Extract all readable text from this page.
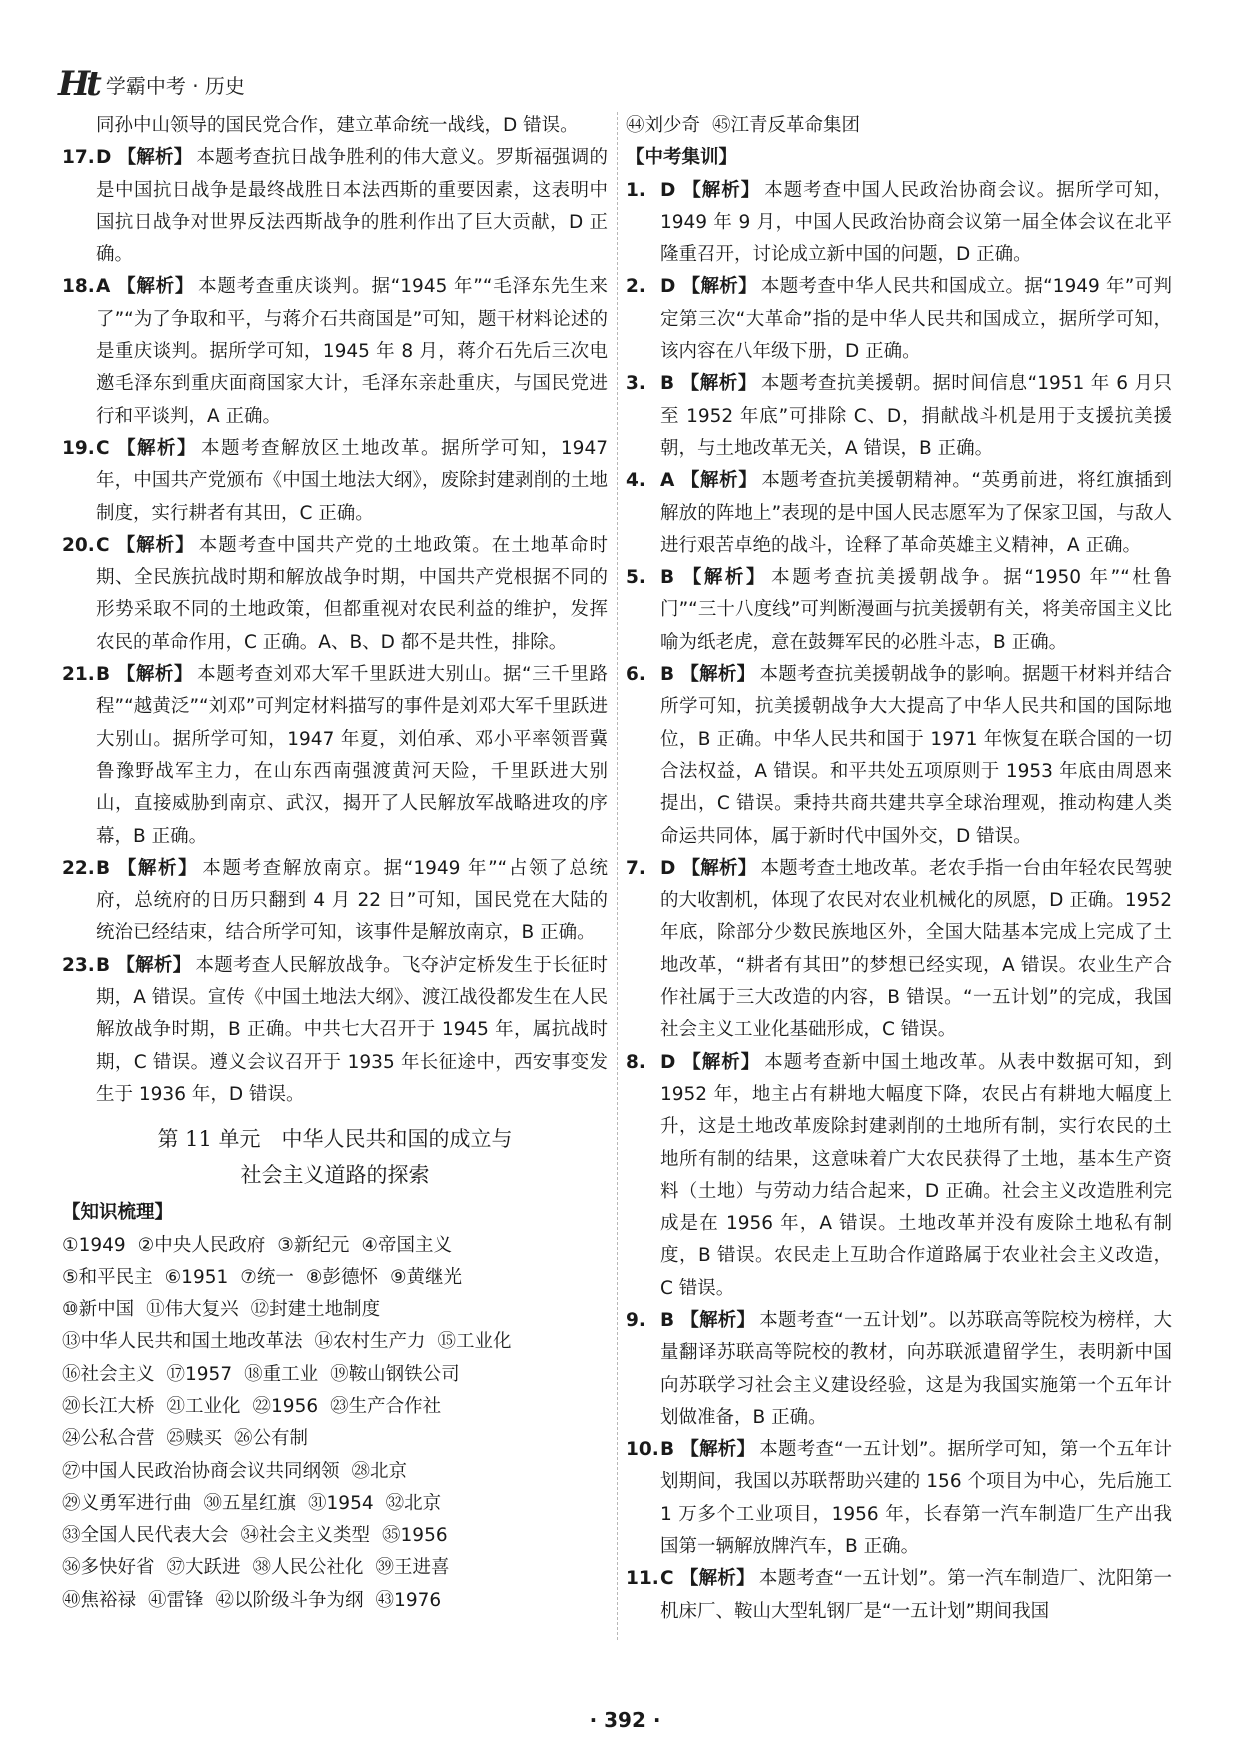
Ht 学霸中考 · 历史
同孙中山领导的国民党合作，建立革命统一战线，D 错误。
17. D 【解析】 本题考查抗日战争胜利的伟大意义。罗斯福强调的是中国抗日战争是最终战胜日本法西斯的重要因素，这表明中国抗日战争对世界反法西斯战争的胜利作出了巨大贡献，D 正确。
18. A 【解析】 本题考查重庆谈判。据“1945 年”“毛泽东先生来了”“为了争取和平，与蒋介石共商国是”可知，题干材料论述的是重庆谈判。据所学可知，1945 年 8 月，蒋介石先后三次电邀毛泽东到重庆面商国家大计，毛泽东亲赴重庆，与国民党进行和平谈判，A 正确。
19. C 【解析】 本题考查解放区土地改革。据所学可知，1947 年，中国共产党颁布《中国土地法大纲》，废除封建剥削的土地制度，实行耕者有其田，C 正确。
20. C 【解析】 本题考查中国共产党的土地政策。在土地革命时期、全民族抗战时期和解放战争时期，中国共产党根据不同的形势采取不同的土地政策，但都重视对农民利益的维护，发挥农民的革命作用，C 正确。A、B、D 都不是共性，排除。
21. B 【解析】 本题考查刘邓大军千里跃进大别山。据“三千里路程”“越黄泛”“刘邓”可判定材料描写的事件是刘邓大军千里跃进大别山。据所学可知，1947 年夏，刘伯承、邓小平率领晋冀鲁豫野战军主力，在山东西南强渡黄河天险，千里跃进大别山，直接威胁到南京、武汉，揭开了人民解放军战略进攻的序幕，B 正确。
22. B 【解析】 本题考查解放南京。据“1949 年”“占领了总统府，总统府的日历只翻到 4 月 22 日”可知，国民党在大陆的统治已经结束，结合所学可知，该事件是解放南京，B 正确。
23. B 【解析】 本题考查人民解放战争。飞夺泸定桥发生于长征时期，A 错误。宣传《中国土地法大纲》、渡江战役都发生在人民解放战争时期，B 正确。中共七大召开于 1945 年，属抗战时期，C 错误。遵义会议召开于 1935 年长征途中，西安事变发生于 1936 年，D 错误。
第 11 单元　中华人民共和国的成立与
社会主义道路的探索
【知识梳理】
①1949 ②中央人民政府 ③新纪元 ④帝国主义
⑤和平民主 ⑥1951 ⑦统一 ⑧彭德怀 ⑨黄继光
⑩新中国 ⑪伟大复兴 ⑫封建土地制度
⑬中华人民共和国土地改革法 ⑭农村生产力 ⑮工业化
⑯社会主义 ⑰1957 ⑱重工业 ⑲鞍山钢铁公司
⑳长江大桥 ㉑工业化 ㉒1956 ㉓生产合作社
㉔公私合营 ㉕赎买 ㉖公有制
㉗中国人民政治协商会议共同纲领 ㉘北京
㉙义勇军进行曲 ㉚五星红旗 ㉛1954 ㉜北京
㉝全国人民代表大会 ㉞社会主义类型 ㉟1956
㊱多快好省 ㊲大跃进 ㊳人民公社化 ㊴王进喜
㊵焦裕禄 ㊶雷锋 ㊷以阶级斗争为纲 ㊸1976
㊹刘少奇 ㊺江青反革命集团
【中考集训】
1. D 【解析】 本题考查中国人民政治协商会议。据所学可知，1949 年 9 月，中国人民政治协商会议第一届全体会议在北平隆重召开，讨论成立新中国的问题，D 正确。
2. D 【解析】 本题考查中华人民共和国成立。据“1949 年”可判定第三次“大革命”指的是中华人民共和国成立，据所学可知，该内容在八年级下册，D 正确。
3. B 【解析】 本题考查抗美援朝。据时间信息“1951 年 6 月只至 1952 年底”可排除 C、D，捐献战斗机是用于支援抗美援朝，与土地改革无关，A 错误，B 正确。
4. A 【解析】 本题考查抗美援朝精神。“英勇前进，将红旗插到解放的阵地上”表现的是中国人民志愿军为了保家卫国，与敌人进行艰苦卓绝的战斗，诠释了革命英雄主义精神，A 正确。
5. B 【解析】 本题考查抗美援朝战争。据“1950 年”“杜鲁门”“三十八度线”可判断漫画与抗美援朝有关，将美帝国主义比喻为纸老虎，意在鼓舞军民的必胜斗志，B 正确。
6. B 【解析】 本题考查抗美援朝战争的影响。据题干材料并结合所学可知，抗美援朝战争大大提高了中华人民共和国的国际地位，B 正确。中华人民共和国于 1971 年恢复在联合国的一切合法权益，A 错误。和平共处五项原则于 1953 年底由周恩来提出，C 错误。秉持共商共建共享全球治理观，推动构建人类命运共同体，属于新时代中国外交，D 错误。
7. D 【解析】 本题考查土地改革。老农手指一台由年轻农民驾驶的大收割机，体现了农民对农业机械化的夙愿，D 正确。1952 年底，除部分少数民族地区外，全国大陆基本完成上完成了土地改革，“耕者有其田”的梦想已经实现，A 错误。农业生产合作社属于三大改造的内容，B 错误。“一五计划”的完成，我国社会主义工业化基础形成，C 错误。
8. D 【解析】 本题考查新中国土地改革。从表中数据可知，到 1952 年，地主占有耕地大幅度下降，农民占有耕地大幅度上升，这是土地改革废除封建剥削的土地所有制，实行农民的土地所有制的结果，这意味着广大农民获得了土地，基本生产资料（土地）与劳动力结合起来，D 正确。社会主义改造胜利完成是在 1956 年，A 错误。土地改革并没有废除土地私有制度，B 错误。农民走上互助合作道路属于农业社会主义改造，C 错误。
9. B 【解析】 本题考查“一五计划”。以苏联高等院校为榜样，大量翻译苏联高等院校的教材，向苏联派遣留学生，表明新中国向苏联学习社会主义建设经验，这是为我国实施第一个五年计划做准备，B 正确。
10. B 【解析】 本题考查“一五计划”。据所学可知，第一个五年计划期间，我国以苏联帮助兴建的 156 个项目为中心，先后施工 1 万多个工业项目，1956 年，长春第一汽车制造厂生产出我国第一辆解放牌汽车，B 正确。
11. C 【解析】 本题考查“一五计划”。第一汽车制造厂、沈阳第一机床厂、鞍山大型轧钢厂是“一五计划”期间我国
· 392 ·
